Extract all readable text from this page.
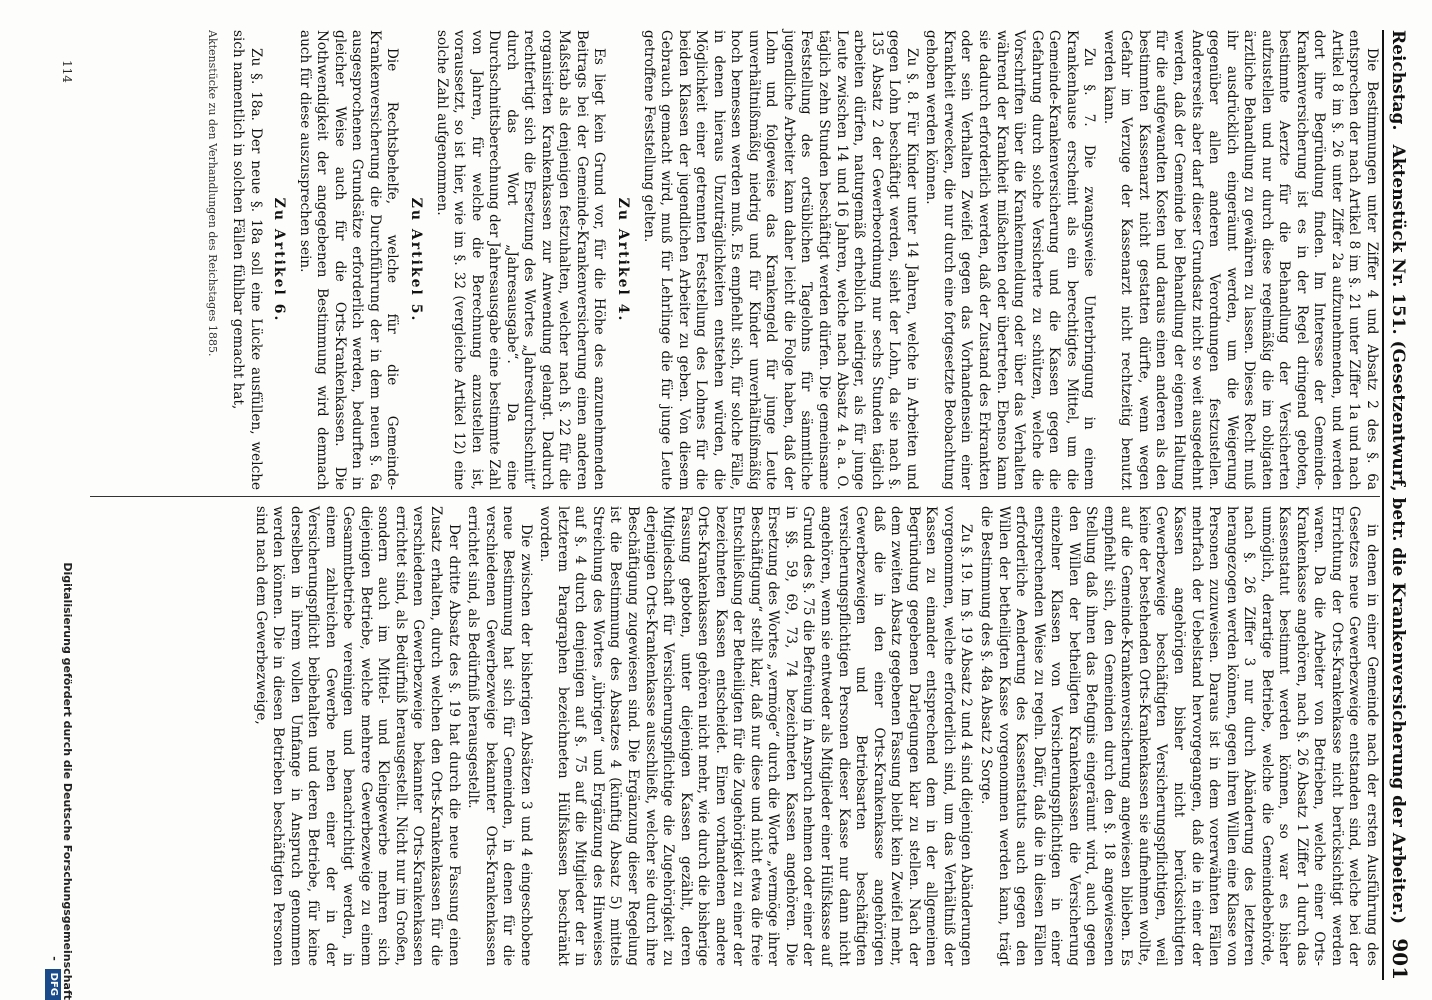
Reichstag.
Aktenstück Nr. 151. (Gesetzentwurf, betr. die Krankenversicherung der Arbeiter.)
901

Die Bestimmungen unter Ziffer 4 und Absatz 2 des §. 6a entsprechen der nach Artikel 8 im §. 21 unter Ziffer 1a und nach Artikel 8 im §. 26 unter Ziffer 2a aufzunehmenden, und werden dort ihre Begründung finden. Im Interesse der Gemeinde-Krankenversicherung ist es in der Regel dringend geboten, bestimmte Aerzte für die Behandlung der Versicherten aufzustellen und nur durch diese regelmäßig die im obligaten ärztliche Behandlung zu gewähren zu lassen. Dieses Recht muß ihr ausdrücklich eingeräumt werden, um die Weigerung gegenüber allen anderen Verordnungen festzustellen. Andererseits aber darf dieser Grundsatz nicht so weit ausgedehnt werden, daß der Gemeinde bei Behandlung der eigenen Haltung für die aufgewandten Kosten und daraus einen anderen als den bestimmten Kassenarzt nicht gestatten dürfte, wenn wegen Gefahr im Verzuge der Kassenarzt nicht rechtzeitig benutzt werden kann.

Zu §. 7. Die zwangsweise Unterbringung in einem Krankenhause erscheint als ein berechtigtes Mittel, um die Gemeinde-Krankenversicherung und die Kassen gegen die Gefahrung durch solche Versicherte zu schützen, welche die Vorschriften über die Krankenmeldung oder über das Verhalten während der Krankheit mißachten oder übertreten. Ebenso kann sie dadurch erforderlich werden, daß der Zustand des Erkrankten oder sein Verhalten Zweifel gegen das Vorhandensein einer Krankheit erwecken, die nur durch eine fortgesetzte Beobachtung gehoben werden können.

Zu §. 8. Für Kinder unter 14 Jahren, welche in Arbeiten und gegen Lohn beschäftigt werden, sieht der Lohn, da sie nach §. 135 Absatz 2 der Gewerbeordnung nur sechs Stunden täglich arbeiten dürfen, naturgemäß erheblich niedriger, als für junge Leute zwischen 14 und 16 Jahren, welche nach Absatz 4 a. a. O. täglich zehn Stunden beschäftigt werden dürfen. Die gemeinsame Feststellung des ortsüblichen Tagelohns für sämmtliche jugendliche Arbeiter kann daher leicht die Folge haben, daß der Lohn und folgeweise das Krankengeld für junge Leute unverhältnißmäßig niedrig und für Kinder unverhältnißmäßig hoch bemessen werden muß. Es empfiehlt sich, für solche Fälle, in denen hieraus Unzuträglichkeiten entstehen würden, die Möglichkeit einer getrennten Feststellung des Lohnes für die beiden Klassen der jugendlichen Arbeiter zu geben. Von diesem Gebrauch gemacht wird, muß für Lehrlinge die für junge Leute getroffene Feststellung gelten.

Zu Artikel 4.

Es liegt kein Grund vor, für die Höhe des anzunehmenden Beitrags bei der Gemeinde-Krankenversicherung einen anderen Maßstab als denjenigen festzuhalten, welcher nach §. 22 für die organisirten Krankenkassen zur Anwendung gelangt. Dadurch rechtfertigt sich die Ersetzung des Wortes „Jahresdurchschnitt“ durch das Wort „Jahresausgabe“. Da eine Durchschnittsberechnung der Jahresausgabe eine bestimmte Zahl von Jahren, für welche die Berechnung anzustellen ist, voraussetzt, so ist hier, wie im §. 32 (vergleiche Artikel 12) eine solche Zahl aufgenommen.

Zu Artikel 5.

Die Rechtsbehelfe, welche für die Gemeinde-Krankenversicherung die Durchführung der in dem neuen §. 6a ausgesprochenen Grundsätze erforderlich werden, bedurften in gleicher Weise auch für die Orts-Krankenkassen. Die Nothwendigkeit der angegebenen Bestimmung wird demnach auch für diese auszusprechen sein.

Zu Artikel 6.

Zu §. 18a. Der neue §. 18a soll eine Lücke ausfüllen, welche sich namentlich in solchen Fällen fühlbar gemacht hat,

Aktenstücke zu den Verhandlungen des Reichstages 1885.

in denen in einer Gemeinde nach der ersten Ausführung des Gesetzes neue Gewerbezweige entstanden sind, welche bei der Errichtung der Orts-Krankenkasse nicht berücksichtigt werden waren. Da die Arbeiter von Betrieben, welche einer Orts-Krankenkasse angehören, nach §. 26 Absatz 1 Ziffer 1 durch das Kassenstatut bestimmt werden können, so war es bisher unmöglich, derartige Betriebe, welche die Gemeindebehörde, nach §. 26 Ziffer 3 nur durch Abänderung des letzteren herangezogen werden können, gegen ihren Willen eine Klasse von Personen zuzuweisen. Daraus ist in dem vorerwähnten Fällen mehrfach der Uebelstand hervorgegangen, daß die in einer der Kassen angehörigen bisher nicht berücksichtigten Gewerbezweige beschäftigten Versicherungspflichtigen, weil keine der bestehenden Orts-Krankenkassen sie aufnehmen wollte, auf die Gemeinde-Krankenversicherung angewiesen blieben. Es empfiehlt sich, den Gemeinden durch den §. 18 angewiesenen Stellung daß ihnen das Befugnis eingeräumt wird, auch gegen den Willen der betheiligten Krankenkassen die Versicherung einzelner Klassen von Versicherungspflichtigen in einer entsprechenden Weise zu regeln. Dafür, daß die in diesen Fällen erforderliche Aenderung des Kassenstatuts auch gegen den Willen der betheiligten Kasse vorgenommen werden kann, trägt die Bestimmung des §. 48a Absatz 2 Sorge.

Zu §. 19. Im §. 19 Absatz 2 und 4 sind diejenigen Abänderungen vorgenommen, welche erforderlich sind, um das Verhältniß der Kassen zu einander entsprechend dem in der allgemeinen Begründung gegebenen Darlegungen klar zu stellen. Nach der dem zweiten Absatz gegebenen Fassung bleibt kein Zweifel mehr, daß die in den einer Orts-Krankenkasse angehörigen Gewerbezweigen und Betriebsarten beschäftigten versicherungspflichtigen Personen dieser Kasse nur dann nicht angehören, wenn sie entweder als Mitglieder einer Hülfskasse auf Grund des §. 75 die Befreiung in Anspruch nehmen oder einer der in §§. 59, 69, 73, 74 bezeichneten Kassen angehören. Die Ersetzung des Wortes „vermöge“ durch die Worte „vermöge ihrer Beschäftigung“ stellt klar, daß nur diese und nicht etwa die freie Entschließung der Betheiligten für die Zugehörigkeit zu einer der bezeichneten Kassen entscheidet. Einen vorhandenen andere Orts-Krankenkassen gehören nicht mehr, wie durch die bisherige Fassung geboten, unter diejenigen Kassen gezählt, deren Mitgliedschaft für Versicherungspflichtige die Zugehörigkeit zu derjenigen Orts-Krankenkasse ausschließt, welcher sie durch ihre Beschäftigung zugewiesen sind. Die Ergänzung dieser Regelung ist die Bestimmung des Absatzes 4 (künftig Absatz 5) mittels Streichung des Wortes „übrigen“ und Ergänzung des Hinweises auf §. 4 durch denjenigen auf §. 75 auf die Mitglieder der in letzterem Paragraphen bezeichneten Hülfskassen beschränkt worden.

Die zwischen der bisherigen Absätzen 3 und 4 eingeschobene neue Bestimmung hat sich für Gemeinden, in denen für die verschiedenen Gewerbezweige bekannter Orts-Krankenkassen errichtet sind, als Bedürfniß herausgestellt.

Der dritte Absatz des §. 19 hat durch die neue Fassung einen Zusatz erhalten, durch welchen den Orts-Krankenkassen für die verschiedenen Gewerbezweige bekannter Orts-Krankenkassen errichtet sind, als Bedürfniß herausgestellt. Nicht nur im Großen, sondern auch im Mittel- und Kleingewerbe mehren sich diejenigen Betriebe, welche mehrere Gewerbezweige zu einem Gesammtbetriebe vereinigen und benachrichtigt werden, in einem zahlreichen Gewerbe neben einer der in der Versicherungspflicht beibehalten und deren Betriebe, für keine derselben in ihrem vollen Umfange in Anspruch genommen werden können. Die in diesen Betrieben beschäftigten Personen sind nach dem Gewerbezweige,

114
Digitalisierung gefördert durch die Deutsche Forschungsgemeinschaft - DFG
